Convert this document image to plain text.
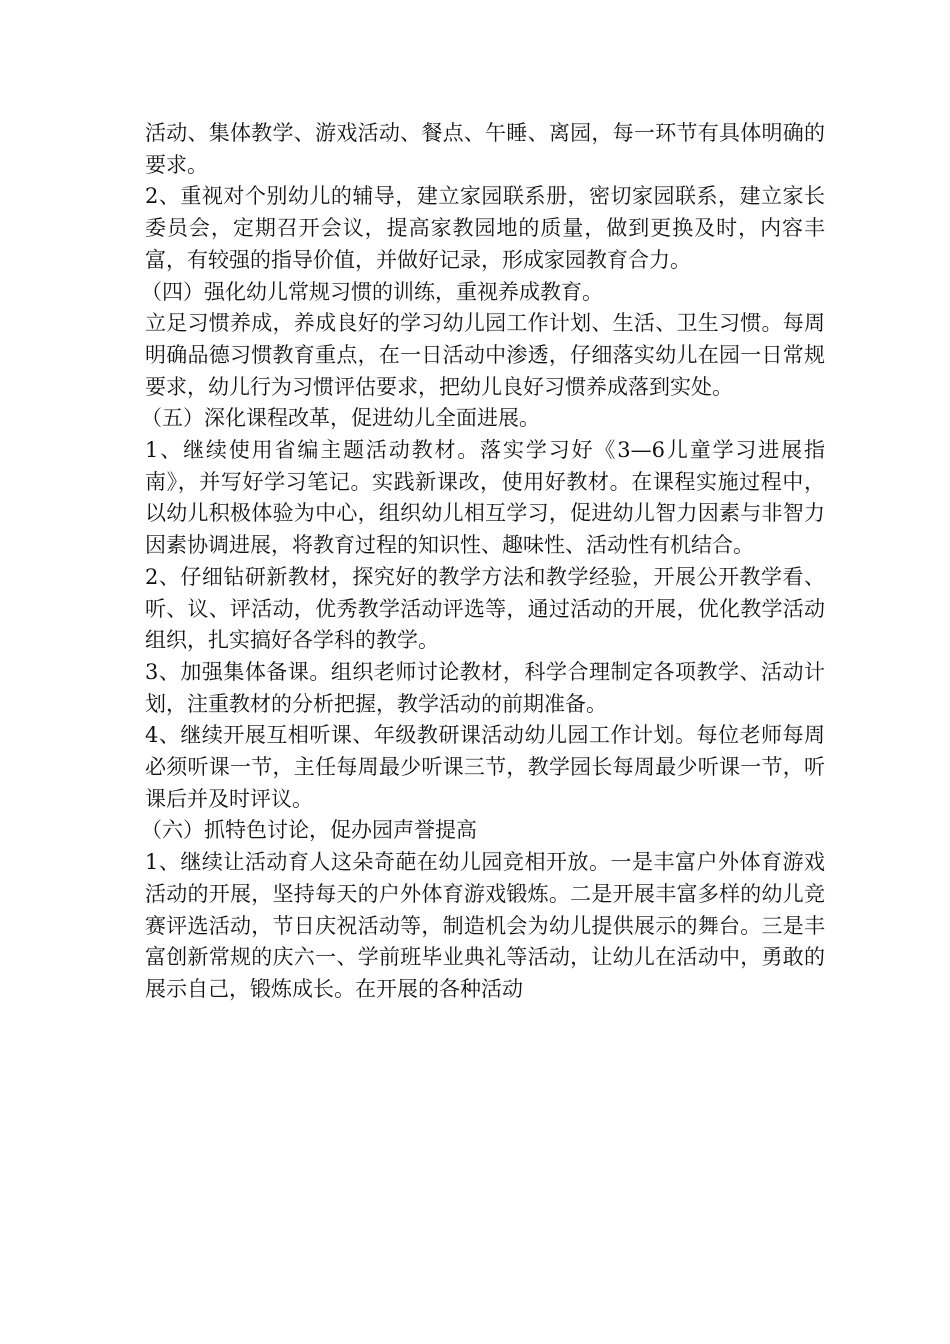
活动、集体教学、游戏活动、餐点、午睡、离园，每一环节有具体明确的要求。

2、重视对个别幼儿的辅导，建立家园联系册，密切家园联系，建立家长委员会，定期召开会议，提高家教园地的质量，做到更换及时，内容丰富，有较强的指导价值，并做好记录，形成家园教育合力。

（四）强化幼儿常规习惯的训练，重视养成教育。

立足习惯养成，养成良好的学习幼儿园工作计划、生活、卫生习惯。每周明确品德习惯教育重点，在一日活动中渗透，仔细落实幼儿在园一日常规要求，幼儿行为习惯评估要求，把幼儿良好习惯养成落到实处。

（五）深化课程改革，促进幼儿全面进展。

1、继续使用省编主题活动教材。落实学习好《3—6儿童学习进展指南》，并写好学习笔记。实践新课改，使用好教材。在课程实施过程中，以幼儿积极体验为中心，组织幼儿相互学习，促进幼儿智力因素与非智力因素协调进展，将教育过程的知识性、趣味性、活动性有机结合。

2、仔细钻研新教材，探究好的教学方法和教学经验，开展公开教学看、听、议、评活动，优秀教学活动评选等，通过活动的开展，优化教学活动组织，扎实搞好各学科的教学。

3、加强集体备课。组织老师讨论教材，科学合理制定各项教学、活动计划，注重教材的分析把握，教学活动的前期准备。

4、继续开展互相听课、年级教研课活动幼儿园工作计划。每位老师每周必须听课一节，主任每周最少听课三节，教学园长每周最少听课一节，听课后并及时评议。

（六）抓特色讨论，促办园声誉提高

1、继续让活动育人这朵奇葩在幼儿园竞相开放。一是丰富户外体育游戏活动的开展，坚持每天的户外体育游戏锻炼。二是开展丰富多样的幼儿竞赛评选活动，节日庆祝活动等，制造机会为幼儿提供展示的舞台。三是丰富创新常规的庆六一、学前班毕业典礼等活动，让幼儿在活动中，勇敢的展示自己，锻炼成长。在开展的各种活动
